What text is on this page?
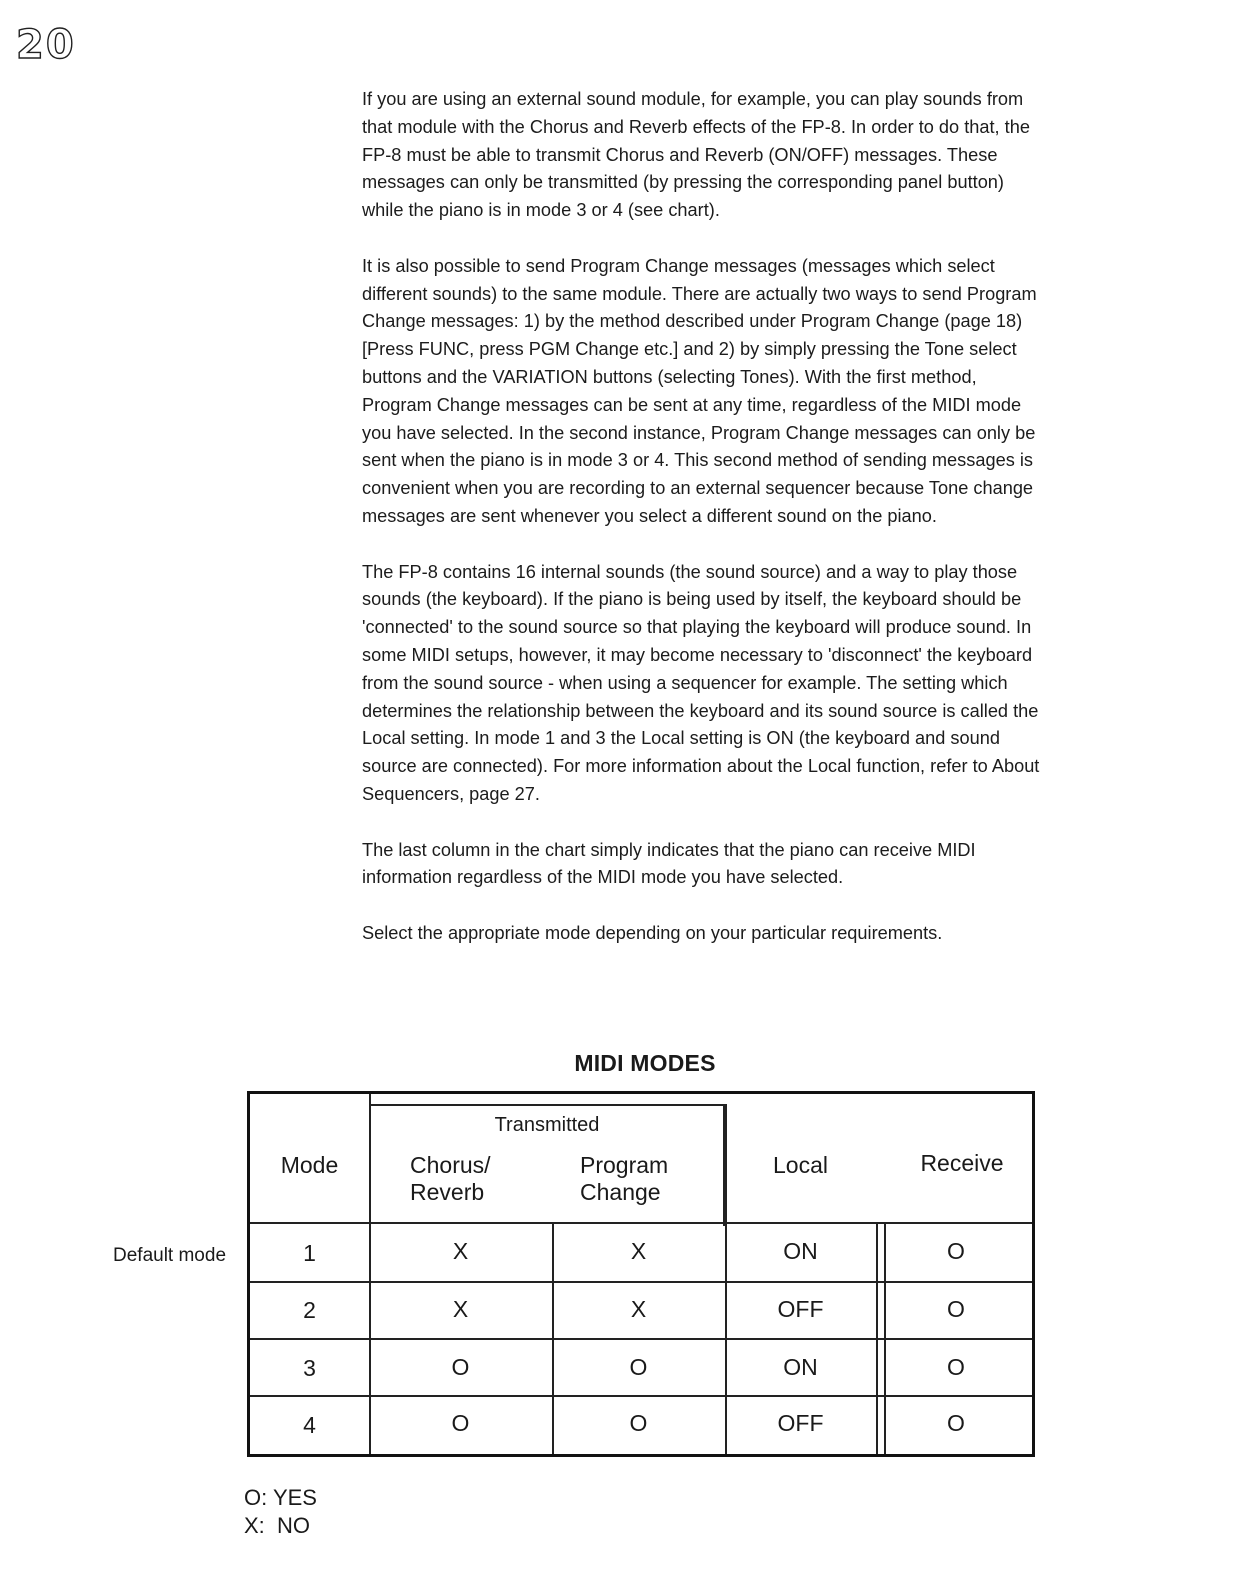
20

If you are using an external sound module, for example, you can play sounds from that module with the Chorus and Reverb effects of the FP-8. In order to do that, the FP-8 must be able to transmit Chorus and Reverb (ON/OFF) messages. These messages can only be transmitted (by pressing the corresponding panel button) while the piano is in mode 3 or 4 (see chart).

It is also possible to send Program Change messages (messages which select different sounds) to the same module. There are actually two ways to send Program Change messages: 1) by the method described under Program Change (page 18) [Press FUNC, press PGM Change etc.] and 2) by simply pressing the Tone select buttons and the VARIATION buttons (selecting Tones). With the first method, Program Change messages can be sent at any time, regardless of the MIDI mode you have selected. In the second instance, Program Change messages can only be sent when the piano is in mode 3 or 4. This second method of sending messages is convenient when you are recording to an external sequencer because Tone change messages are sent whenever you select a different sound on the piano.

The FP-8 contains 16 internal sounds (the sound source) and a way to play those sounds (the keyboard). If the piano is being used by itself, the keyboard should be 'connected' to the sound source so that playing the keyboard will produce sound. In some MIDI setups, however, it may become necessary to 'disconnect' the keyboard from the sound source - when using a sequencer for example. The setting which determines the relationship between the keyboard and its sound source is called the Local setting. In mode 1 and 3 the Local setting is ON (the keyboard and sound source are connected). For more information about the Local function, refer to About Sequencers, page 27.

The last column in the chart simply indicates that the piano can receive MIDI information regardless of the MIDI mode you have selected.

Select the appropriate mode depending on your particular requirements.

MIDI MODES
Default mode
Mode
Transmitted
Chorus/
Reverb
Program
Change
Local	Receive
1	X	X	ON	O
2	X	X	OFF	O
3	O	O	ON	O
4	O	O	OFF	O
O: YES
X:  NO
